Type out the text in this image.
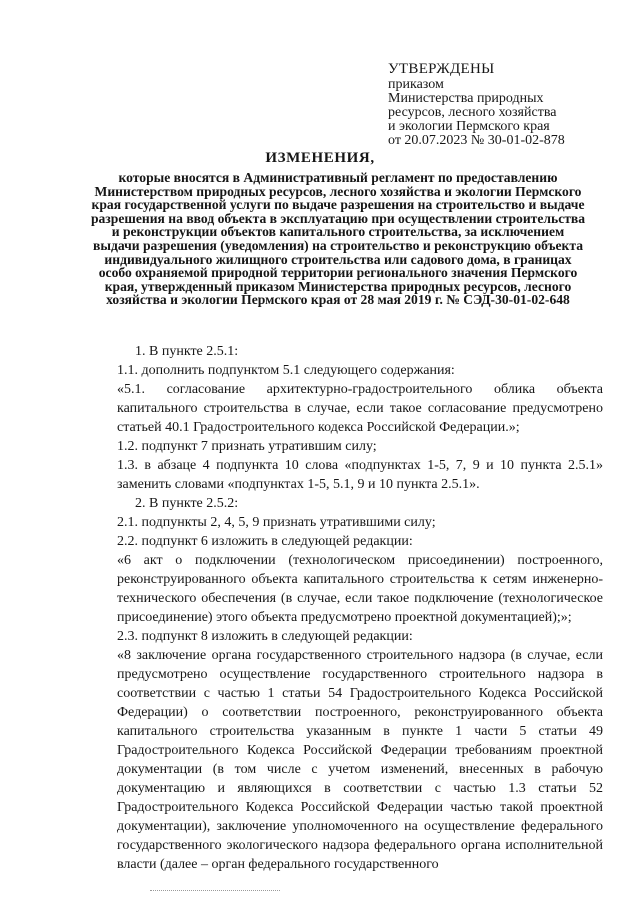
УТВЕРЖДЕНЫ
приказом
Министерства природных
ресурсов, лесного хозяйства
и экологии Пермского края
от 20.07.2023 № 30-01-02-878
ИЗМЕНЕНИЯ,
которые вносятся в Административный регламент по предоставлению Министерством природных ресурсов, лесного хозяйства и экологии Пермского края государственной услуги по выдаче разрешения на строительство и выдаче разрешения на ввод объекта в эксплуатацию при осуществлении строительства и реконструкции объектов капитального строительства, за исключением выдачи разрешения (уведомления) на строительство и реконструкцию объекта индивидуального жилищного строительства или садового дома, в границах особо охраняемой природной территории регионального значения Пермского края, утвержденный приказом Министерства природных ресурсов, лесного хозяйства и экологии Пермского края от 28 мая 2019 г. № СЭД-30-01-02-648

1. В пункте 2.5.1:

1.1. дополнить подпунктом 5.1 следующего содержания:

«5.1. согласование архитектурно-градостроительного облика объекта капитального строительства в случае, если такое согласование предусмотрено статьей 40.1 Градостроительного кодекса Российской Федерации.»;

1.2. подпункт 7 признать утратившим силу;

1.3. в абзаце 4 подпункта 10 слова «подпунктах 1-5, 7, 9 и 10 пункта 2.5.1» заменить словами «подпунктах 1-5, 5.1, 9 и 10 пункта 2.5.1».

2. В пункте 2.5.2:

2.1. подпункты 2, 4, 5, 9 признать утратившими силу;

2.2. подпункт 6 изложить в следующей редакции:

«6 акт о подключении (технологическом присоединении) построенного, реконструированного объекта капитального строительства к сетям инженерно-технического обеспечения (в случае, если такое подключение (технологическое присоединение) этого объекта предусмотрено проектной документацией);»;

2.3. подпункт 8 изложить в следующей редакции:

«8 заключение органа государственного строительного надзора (в случае, если предусмотрено осуществление государственного строительного надзора в соответствии с частью 1 статьи 54 Градостроительного Кодекса Российской Федерации) о соответствии построенного, реконструированного объекта капитального строительства указанным в пункте 1 части 5 статьи 49 Градостроительного Кодекса Российской Федерации требованиям проектной документации (в том числе с учетом изменений, внесенных в рабочую документацию и являющихся в соответствии с частью 1.3 статьи 52 Градостроительного Кодекса Российской Федерации частью такой проектной документации), заключение уполномоченного на осуществление федерального государственного экологического надзора федерального органа исполнительной власти (далее – орган федерального государственного
